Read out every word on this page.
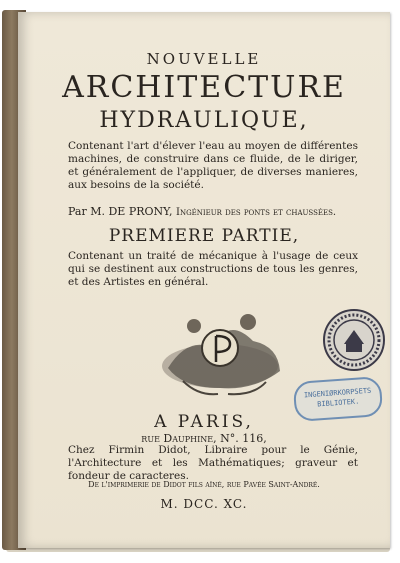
NOUVELLE
ARCHITECTURE
HYDRAULIQUE,
Contenant l'art d'élever l'eau au moyen de différentes machines, de construire dans ce fluide, de le diriger, et généralement de l'appliquer, de diverses manieres, aux besoins de la société.
Par M. DE PRONY, Ingénieur des ponts et chaussées.
PREMIERE PARTIE,
Contenant un traité de mécanique à l'usage de ceux qui se destinent aux constructions de tous les genres, et des Artistes en général.
INGENIØRKORPSETS
BIBLIOTEK.
A PARIS,
rue Dauphine, N°. 116,
Chez Firmin Didot, Libraire pour le Génie, l'Architecture et les Mathématiques; graveur et fondeur de caracteres.
De l'imprimerie de Didot fils aîné, rue Pavée Saint-André.
M. DCC. XC.
